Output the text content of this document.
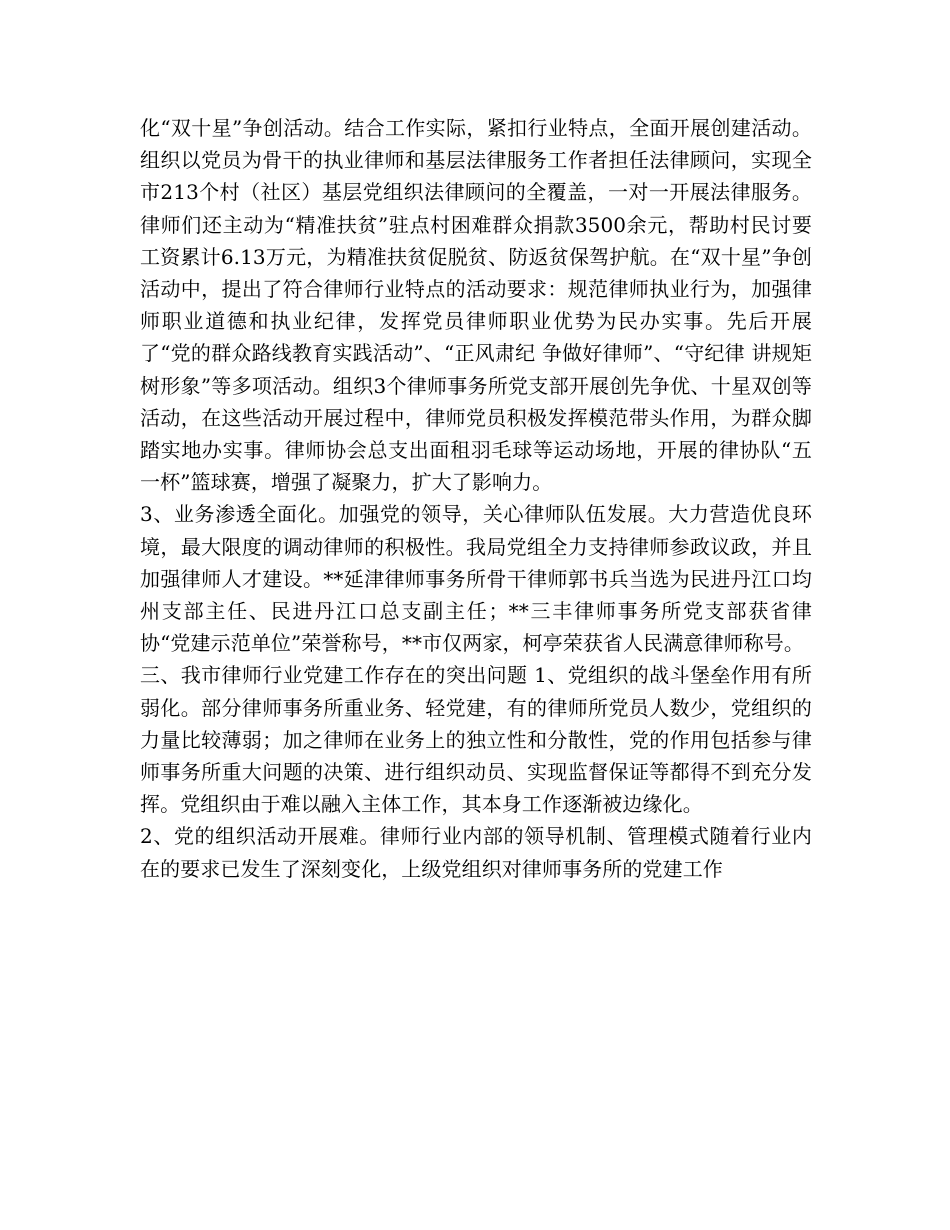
化“双十星”争创活动。结合工作实际，紧扣行业特点，全面开展创建活动。组织以党员为骨干的执业律师和基层法律服务工作者担任法律顾问，实现全市213个村（社区）基层党组织法律顾问的全覆盖，一对一开展法律服务。律师们还主动为“精准扶贫”驻点村困难群众捐款3500余元，帮助村民讨要工资累计6.13万元，为精准扶贫促脱贫、防返贫保驾护航。在“双十星”争创活动中，提出了符合律师行业特点的活动要求：规范律师执业行为，加强律师职业道德和执业纪律，发挥党员律师职业优势为民办实事。先后开展了“党的群众路线教育实践活动”、“正风肃纪 争做好律师”、“守纪律 讲规矩 树形象”等多项活动。组织3个律师事务所党支部开展创先争优、十星双创等活动，在这些活动开展过程中，律师党员积极发挥模范带头作用，为群众脚踏实地办实事。律师协会总支出面租羽毛球等运动场地，开展的律协队“五一杯”篮球赛，增强了凝聚力，扩大了影响力。

3、业务渗透全面化。加强党的领导，关心律师队伍发展。大力营造优良环境，最大限度的调动律师的积极性。我局党组全力支持律师参政议政，并且加强律师人才建设。**延津律师事务所骨干律师郭书兵当选为民进丹江口均州支部主任、民进丹江口总支副主任；**三丰律师事务所党支部获省律协“党建示范单位”荣誉称号，**市仅两家，柯亭荣获省人民满意律师称号。

三、我市律师行业党建工作存在的突出问题 1、党组织的战斗堡垒作用有所弱化。部分律师事务所重业务、轻党建，有的律师所党员人数少，党组织的力量比较薄弱；加之律师在业务上的独立性和分散性，党的作用包括参与律师事务所重大问题的决策、进行组织动员、实现监督保证等都得不到充分发挥。党组织由于难以融入主体工作，其本身工作逐渐被边缘化。

2、党的组织活动开展难。律师行业内部的领导机制、管理模式随着行业内在的要求已发生了深刻变化，上级党组织对律师事务所的党建工作
